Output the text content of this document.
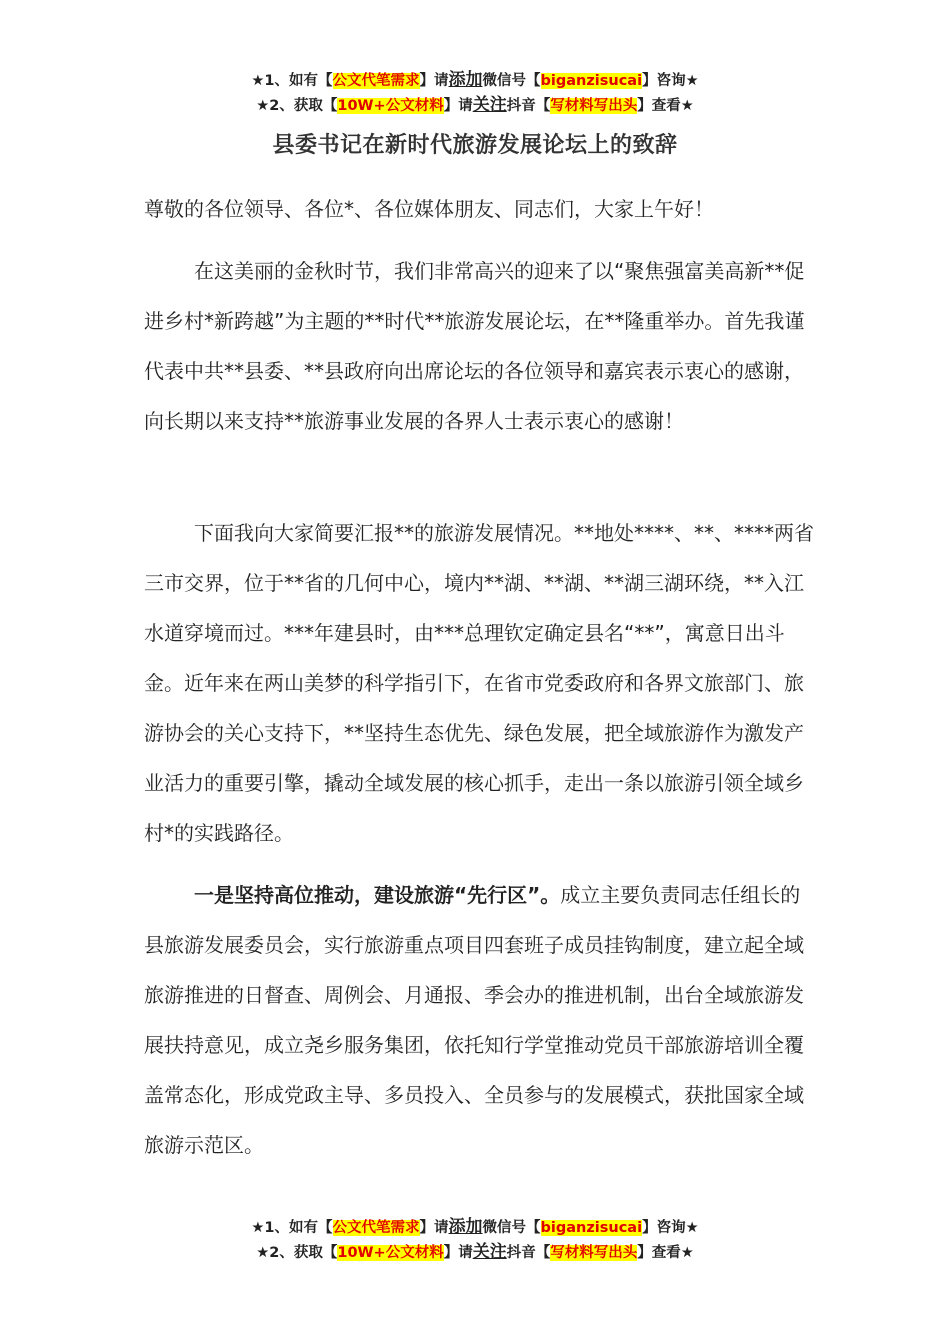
★1、如有【公文代笔需求】请添加微信号【biganzisucai】咨询★
★2、获取【10W+公文材料】请关注抖音【写材料写出头】查看★
县委书记在新时代旅游发展论坛上的致辞

尊敬的各位领导、各位*、各位媒体朋友、同志们，大家上午好！

在这美丽的金秋时节，我们非常高兴的迎来了以“聚焦强富美高新**促进乡村*新跨越”为主题的**时代**旅游发展论坛，在**隆重举办。首先我谨代表中共**县委、**县政府向出席论坛的各位领导和嘉宾表示衷心的感谢，向长期以来支持**旅游事业发展的各界人士表示衷心的感谢！

下面我向大家简要汇报**的旅游发展情况。**地处****、**、****两省三市交界，位于**省的几何中心，境内**湖、**湖、**湖三湖环绕，**入江水道穿境而过。***年建县时，由***总理钦定确定县名“**”，寓意日出斗金。近年来在两山美梦的科学指引下，在省市党委政府和各界文旅部门、旅游协会的关心支持下，**坚持生态优先、绿色发展，把全域旅游作为激发产业活力的重要引擎，撬动全域发展的核心抓手，走出一条以旅游引领全域乡村*的实践路径。

一是坚持高位推动，建设旅游“先行区”。成立主要负责同志任组长的县旅游发展委员会，实行旅游重点项目四套班子成员挂钩制度，建立起全域旅游推进的日督查、周例会、月通报、季会办的推进机制，出台全域旅游发展扶持意见，成立尧乡服务集团，依托知行学堂推动党员干部旅游培训全覆盖常态化，形成党政主导、多员投入、全员参与的发展模式，获批国家全域旅游示范区。

★1、如有【公文代笔需求】请添加微信号【biganzisucai】咨询★
★2、获取【10W+公文材料】请关注抖音【写材料写出头】查看★
